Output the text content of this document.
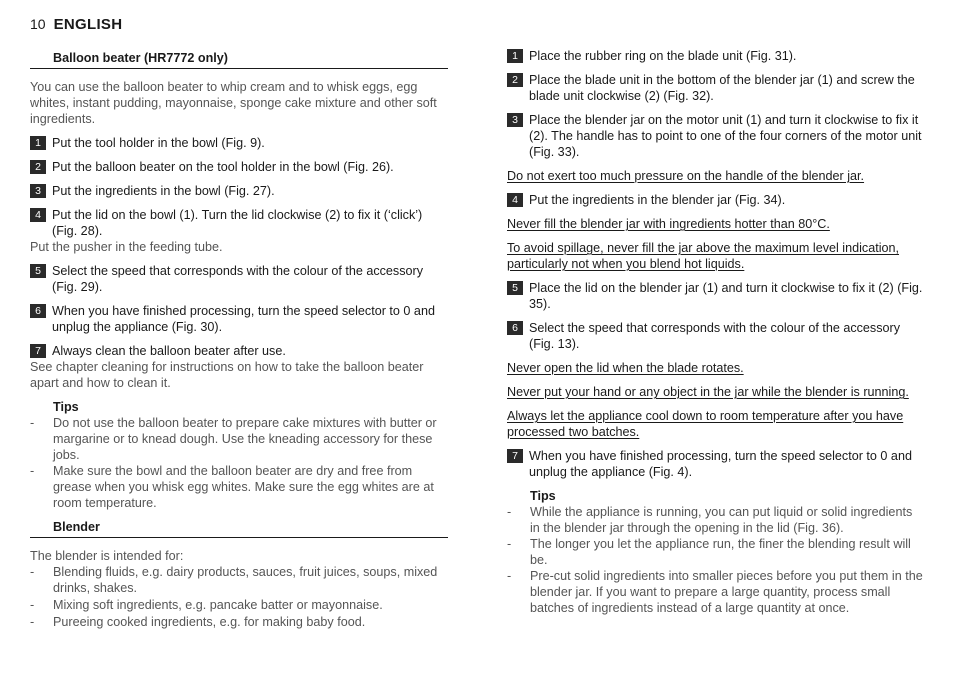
10 ENGLISH
Balloon beater (HR7772 only)
You can use the balloon beater to whip cream and to whisk eggs, egg whites, instant pudding, mayonnaise, sponge cake mixture and other soft ingredients.
1 Put the tool holder in the bowl (Fig. 9).
2 Put the balloon beater on the tool holder in the bowl (Fig. 26).
3 Put the ingredients in the bowl (Fig. 27).
4 Put the lid on the bowl (1). Turn the lid clockwise (2) to fix it (‘click’) (Fig. 28).
Put the pusher in the feeding tube.
5 Select the speed that corresponds with the colour of the accessory (Fig. 29).
6 When you have finished processing, turn the speed selector to 0 and unplug the appliance (Fig. 30).
7 Always clean the balloon beater after use.
See chapter cleaning for instructions on how to take the balloon beater apart and how to clean it.
Tips
-	Do not use the balloon beater to prepare cake mixtures with butter or margarine or to knead dough. Use the kneading accessory for these jobs.
-	Make sure the bowl and the balloon beater are dry and free from grease when you whisk egg whites. Make sure the egg whites are at room temperature.
Blender
The blender is intended for:
-	Blending fluids, e.g. dairy products, sauces, fruit juices, soups, mixed drinks, shakes.
-	Mixing soft ingredients, e.g. pancake batter or mayonnaise.
-	Pureeing cooked ingredients, e.g. for making baby food.
1 Place the rubber ring on the blade unit (Fig. 31).
2 Place the blade unit in the bottom of the blender jar (1) and screw the blade unit clockwise (2) (Fig. 32).
3 Place the blender jar on the motor unit (1) and turn it clockwise to fix it (2). The handle has to point to one of the four corners of the motor unit (Fig. 33).
Do not exert too much pressure on the handle of the blender jar.
4 Put the ingredients in the blender jar (Fig. 34).
Never fill the blender jar with ingredients hotter than 80°C.
To avoid spillage, never fill the jar above the maximum level indication, particularly not when you blend hot liquids.
5 Place the lid on the blender jar (1) and turn it clockwise to fix it (2) (Fig. 35).
6 Select the speed that corresponds with the colour of the accessory (Fig. 13).
Never open the lid when the blade rotates.
Never put your hand or any object in the jar while the blender is running.
Always let the appliance cool down to room temperature after you have processed two batches.
7 When you have finished processing, turn the speed selector to 0 and unplug the appliance (Fig. 4).
Tips
-	While the appliance is running, you can put liquid or solid ingredients in the blender jar through the opening in the lid (Fig. 36).
-	The longer you let the appliance run, the finer the blending result will be.
-	Pre-cut solid ingredients into smaller pieces before you put them in the blender jar. If you want to prepare a large quantity, process small batches of ingredients instead of a large quantity at once.
